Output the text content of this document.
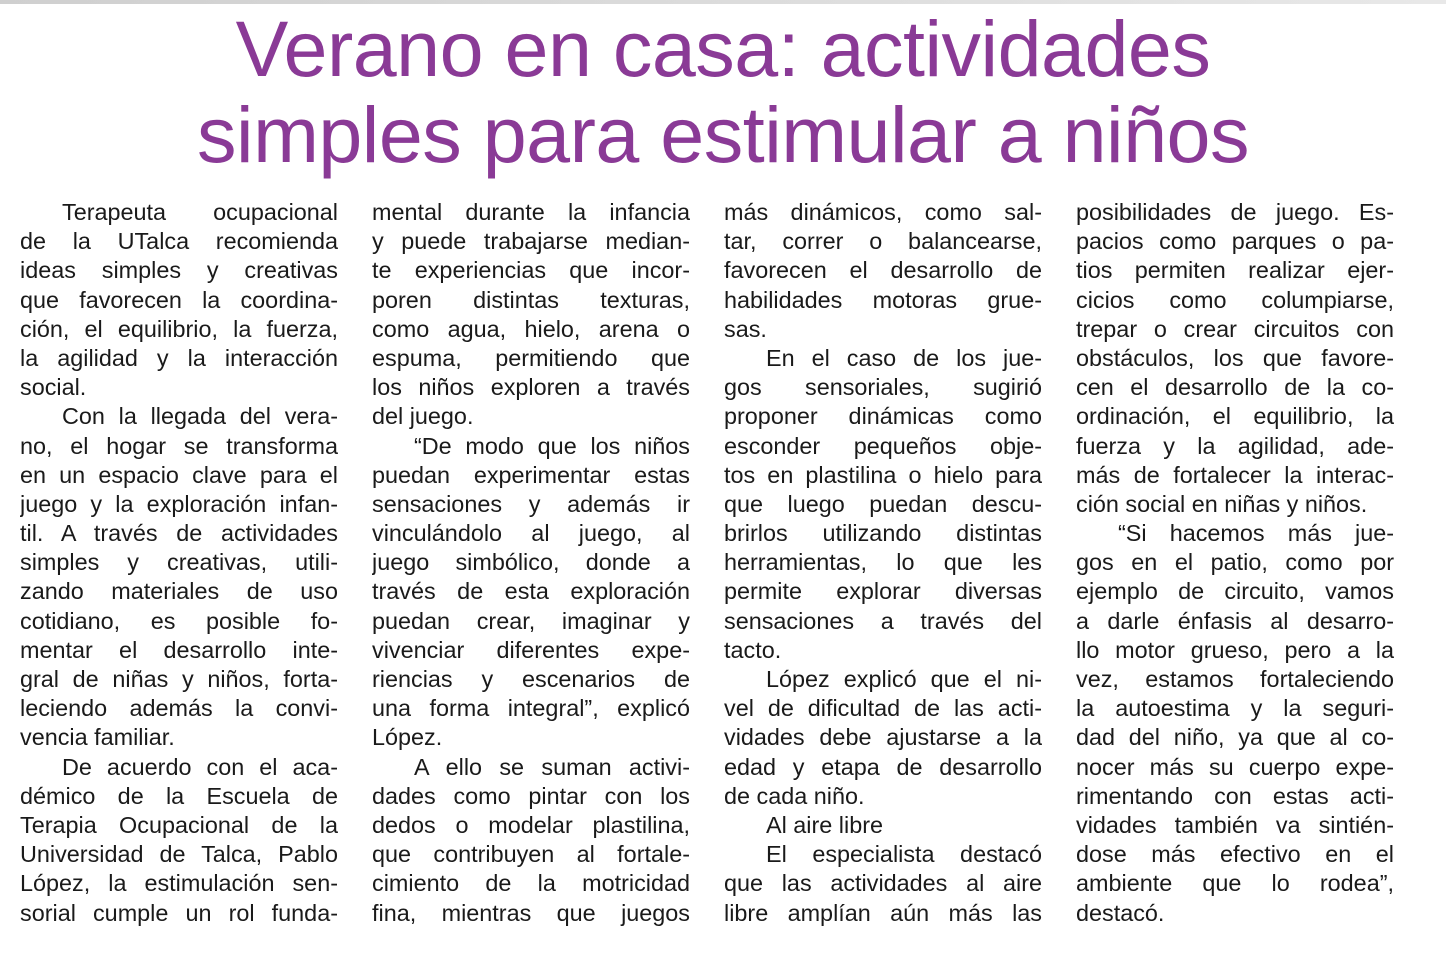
Verano en casa: actividades
simples para estimular a niños
Terapeuta ocupacional
de la UTalca recomienda
ideas simples y creativas
que favorecen la coordina-
ción, el equilibrio, la fuerza,
la agilidad y la interacción
social.
Con la llegada del vera-
no, el hogar se transforma
en un espacio clave para el
juego y la exploración infan-
til. A través de actividades
simples y creativas, utili-
zando materiales de uso
cotidiano, es posible fo-
mentar el desarrollo inte-
gral de niñas y niños, forta-
leciendo además la convi-
vencia familiar.
De acuerdo con el aca-
démico de la Escuela de
Terapia Ocupacional de la
Universidad de Talca, Pablo
López, la estimulación sen-
sorial cumple un rol funda-
mental durante la infancia
y puede trabajarse median-
te experiencias que incor-
poren distintas texturas,
como agua, hielo, arena o
espuma, permitiendo que
los niños exploren a través
del juego.
“De modo que los niños
puedan experimentar estas
sensaciones y además ir
vinculándolo al juego, al
juego simbólico, donde a
través de esta exploración
puedan crear, imaginar y
vivenciar diferentes expe-
riencias y escenarios de
una forma integral”, explicó
López.
A ello se suman activi-
dades como pintar con los
dedos o modelar plastilina,
que contribuyen al fortale-
cimiento de la motricidad
fina, mientras que juegos
más dinámicos, como sal-
tar, correr o balancearse,
favorecen el desarrollo de
habilidades motoras grue-
sas.
En el caso de los jue-
gos sensoriales, sugirió
proponer dinámicas como
esconder pequeños obje-
tos en plastilina o hielo para
que luego puedan descu-
brirlos utilizando distintas
herramientas, lo que les
permite explorar diversas
sensaciones a través del
tacto.
López explicó que el ni-
vel de dificultad de las acti-
vidades debe ajustarse a la
edad y etapa de desarrollo
de cada niño.
Al aire libre
El especialista destacó
que las actividades al aire
libre amplían aún más las
posibilidades de juego. Es-
pacios como parques o pa-
tios permiten realizar ejer-
cicios como columpiarse,
trepar o crear circuitos con
obstáculos, los que favore-
cen el desarrollo de la co-
ordinación, el equilibrio, la
fuerza y la agilidad, ade-
más de fortalecer la interac-
ción social en niñas y niños.
“Si hacemos más jue-
gos en el patio, como por
ejemplo de circuito, vamos
a darle énfasis al desarro-
llo motor grueso, pero a la
vez, estamos fortaleciendo
la autoestima y la seguri-
dad del niño, ya que al co-
nocer más su cuerpo expe-
rimentando con estas acti-
vidades también va sintién-
dose más efectivo en el
ambiente que lo rodea”,
destacó.
